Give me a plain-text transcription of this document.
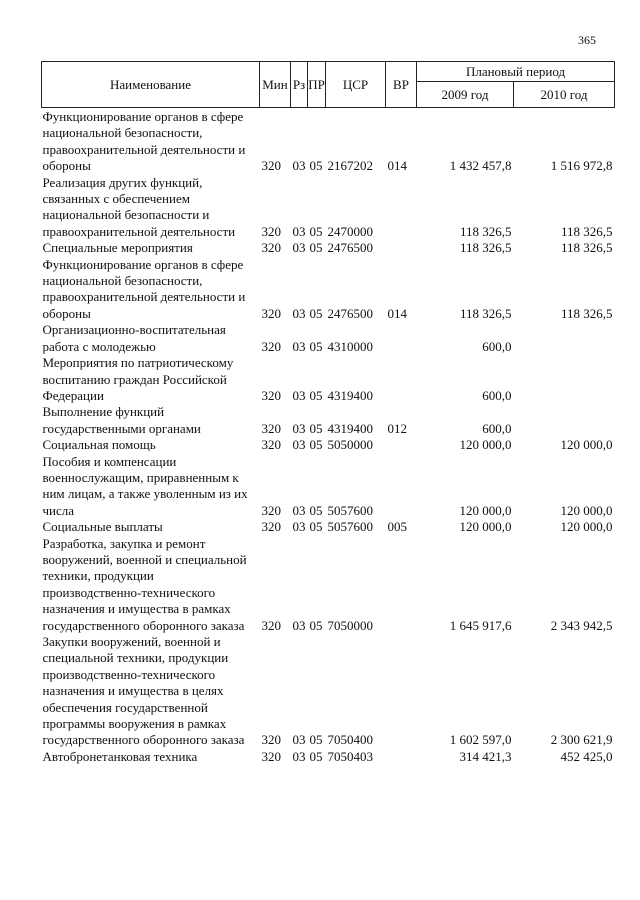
365
Наименование	Мин	Рз	ПР	ЦСР	ВР	Плановый период	
						2009 год	2010 год
Функционирование органов в сфере национальной безопасности, правоохранительной деятельности и обороны	320	03	05	2167202	014	1 432 457,8	1 516 972,8
Реализация других функций, связанных с обеспечением национальной безопасности и правоохранительной деятельности	320	03	05	2470000		118 326,5	118 326,5
Специальные мероприятия	320	03	05	2476500		118 326,5	118 326,5
Функционирование органов в сфере национальной безопасности, правоохранительной деятельности и обороны	320	03	05	2476500	014	118 326,5	118 326,5
Организационно-воспитательная работа с молодежью	320	03	05	4310000		600,0	
Мероприятия по патриотическому воспитанию граждан Российской Федерации	320	03	05	4319400		600,0	
Выполнение функций государственными органами	320	03	05	4319400	012	600,0	
Социальная помощь	320	03	05	5050000		120 000,0	120 000,0
Пособия и компенсации военнослужащим, приравненным к ним лицам, а также уволенным из их числа	320	03	05	5057600		120 000,0	120 000,0
Социальные выплаты	320	03	05	5057600	005	120 000,0	120 000,0
Разработка, закупка и ремонт вооружений, военной и специальной техники, продукции производственно-технического назначения и имущества в рамках государственного оборонного заказа	320	03	05	7050000		1 645 917,6	2 343 942,5
Закупки вооружений, военной и специальной техники, продукции производственно-технического назначения и имущества в целях обеспечения государственной программы вооружения в рамках государственного оборонного заказа	320	03	05	7050400		1 602 597,0	2 300 621,9
Автобронетанковая техника	320	03	05	7050403		314 421,3	452 425,0
